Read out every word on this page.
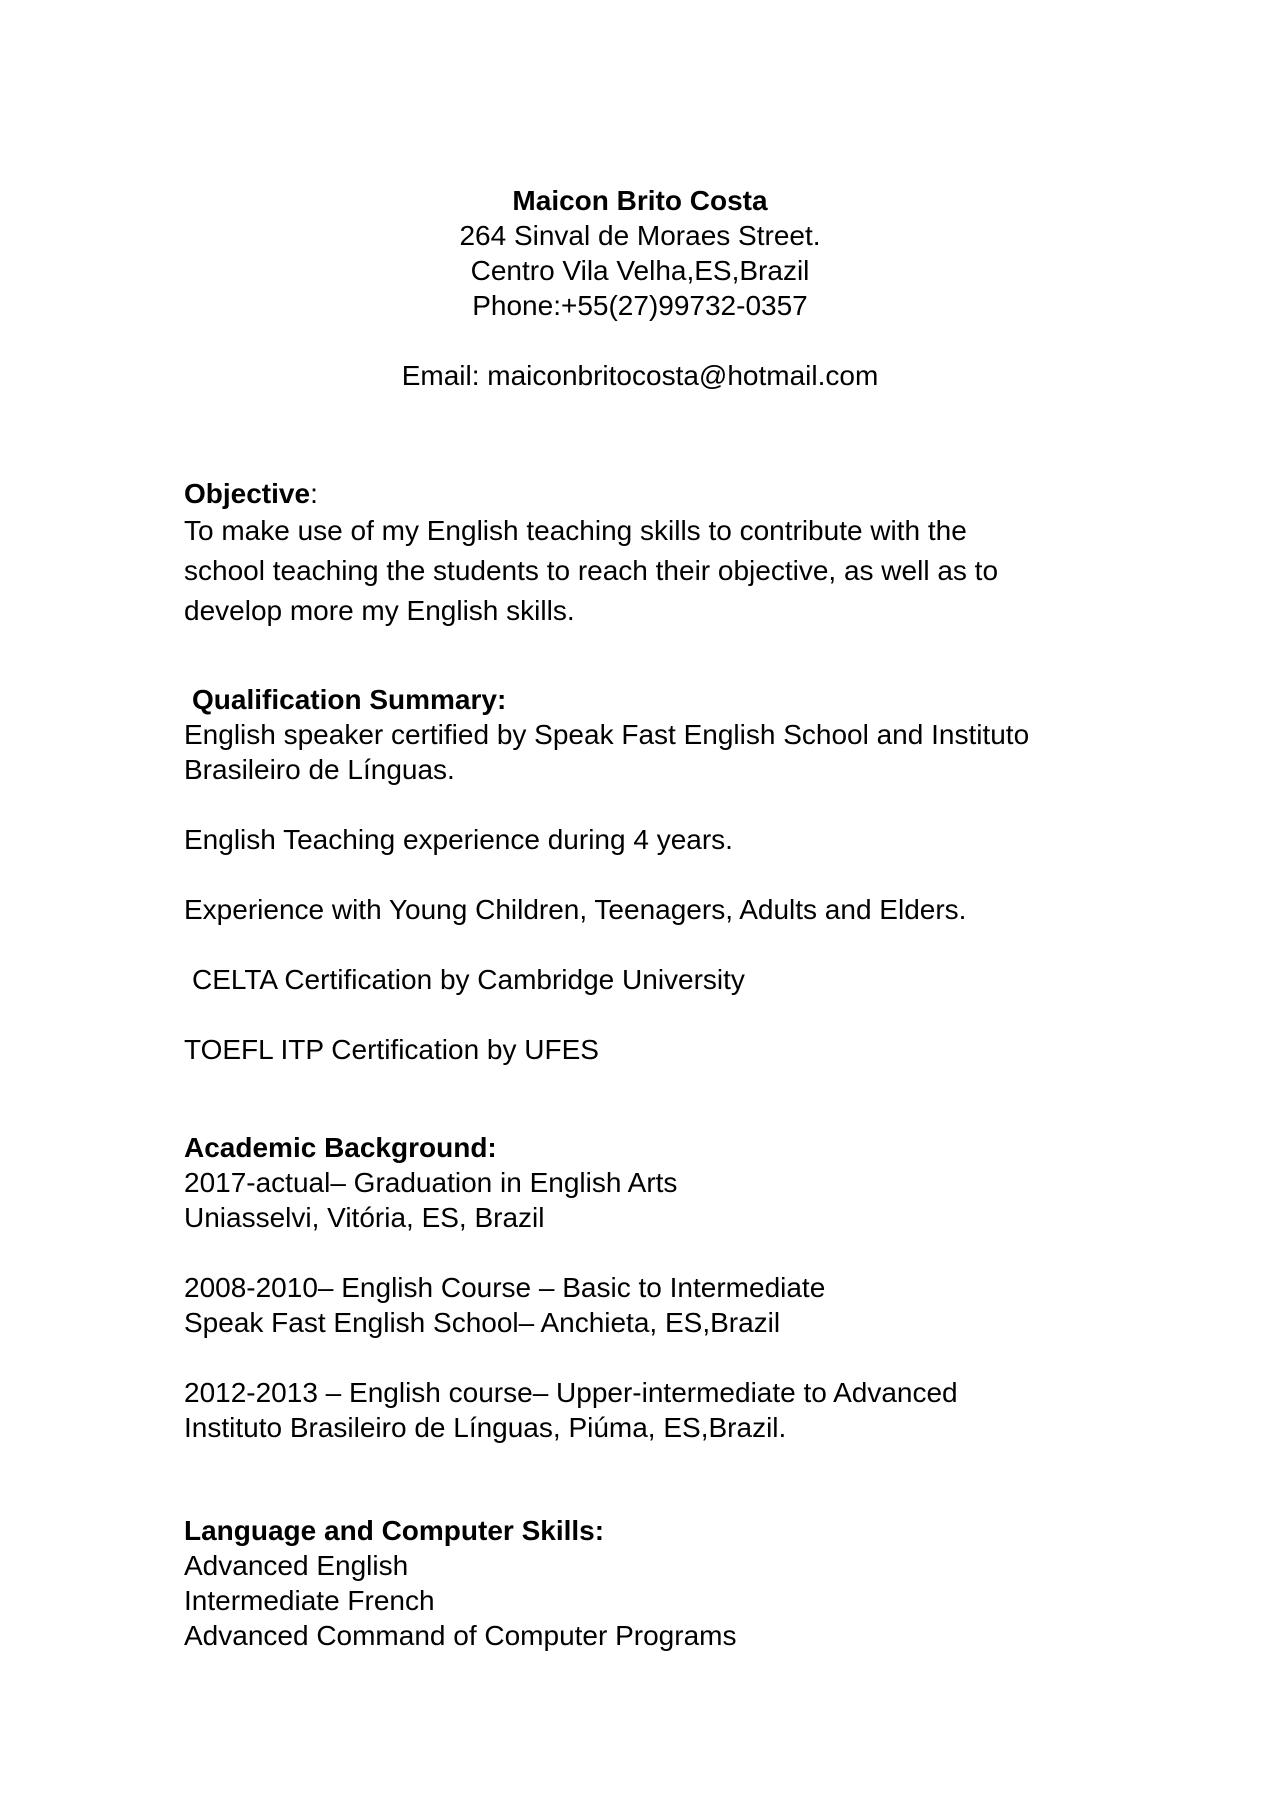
Maicon Brito Costa
264 Sinval de Moraes Street.
Centro Vila Velha,ES,Brazil
Phone:+55(27)99732-0357
Email: maiconbritocosta@hotmail.com
Objective:
To make use of my English teaching skills to contribute with the
school teaching the students to reach their objective, as well as to
develop more my English skills.
Qualification Summary:
English speaker certified by Speak Fast English School and Instituto
Brasileiro de Línguas.
English Teaching experience during 4 years.
Experience with Young Children, Teenagers, Adults and Elders.
CELTA Certification by Cambridge University
TOEFL ITP Certification by UFES
Academic Background:
2017-actual– Graduation in English Arts
Uniasselvi, Vitória, ES, Brazil
2008-2010– English Course – Basic to Intermediate
Speak Fast English School– Anchieta, ES,Brazil
2012-2013 – English course– Upper-intermediate to Advanced
Instituto Brasileiro de Línguas, Piúma, ES,Brazil.
Language and Computer Skills:
Advanced English
Intermediate French
Advanced Command of Computer Programs
